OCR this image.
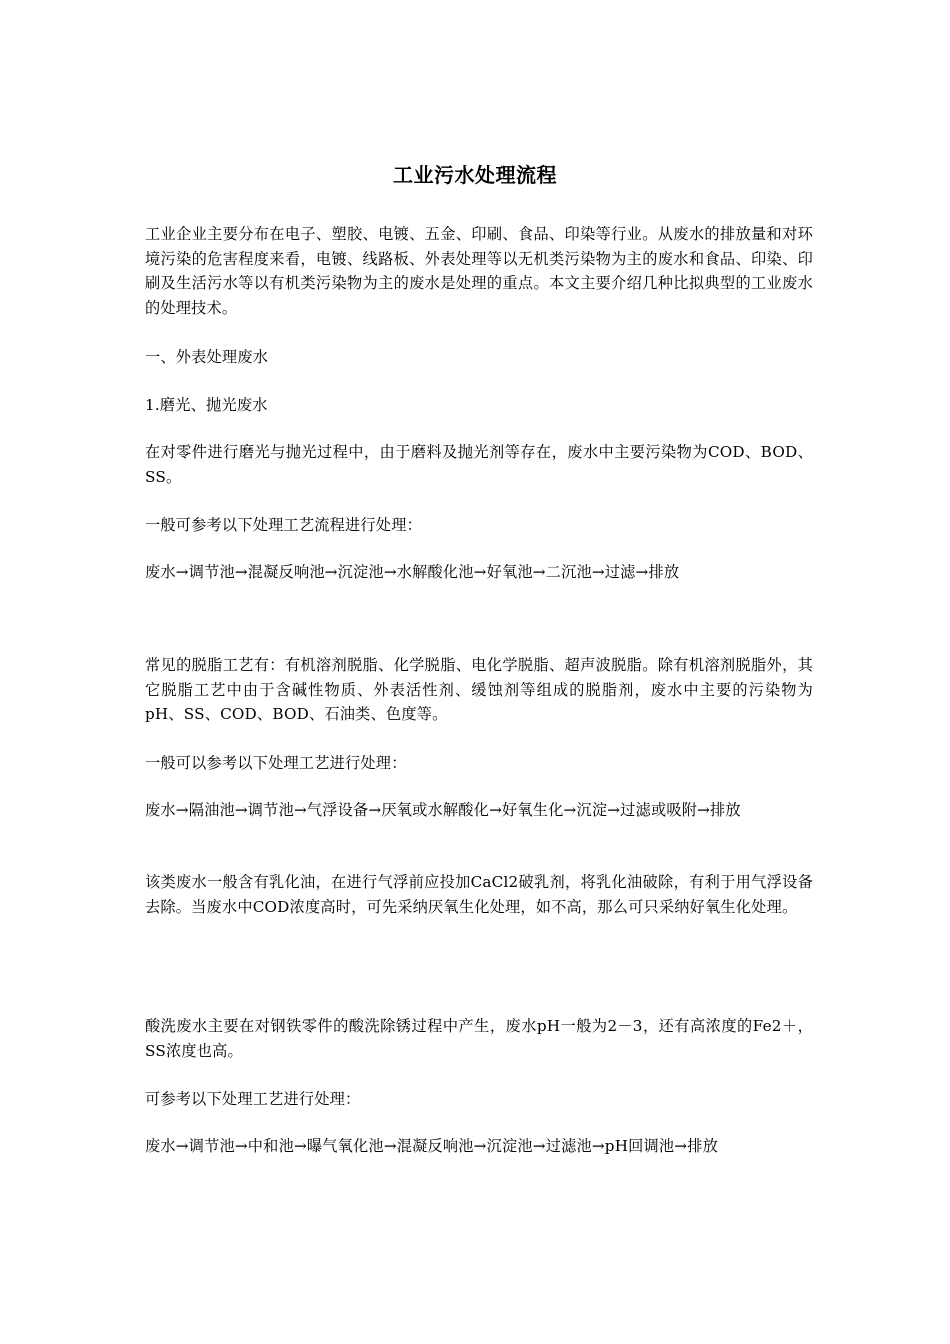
工业污水处理流程
工业企业主要分布在电子、塑胶、电镀、五金、印刷、食品、印染等行业。从废水的排放量和对环境污染的危害程度来看，电镀、线路板、外表处理等以无机类污染物为主的废水和食品、印染、印刷及生活污水等以有机类污染物为主的废水是处理的重点。本文主要介绍几种比拟典型的工业废水的处理技术。
一、外表处理废水
1.磨光、抛光废水
在对零件进行磨光与抛光过程中，由于磨料及抛光剂等存在，废水中主要污染物为COD、BOD、SS。
一般可参考以下处理工艺流程进行处理：
废水→调节池→混凝反响池→沉淀池→水解酸化池→好氧池→二沉池→过滤→排放
常见的脱脂工艺有：有机溶剂脱脂、化学脱脂、电化学脱脂、超声波脱脂。除有机溶剂脱脂外，其它脱脂工艺中由于含碱性物质、外表活性剂、缓蚀剂等组成的脱脂剂，废水中主要的污染物为pH、SS、COD、BOD、石油类、色度等。
一般可以参考以下处理工艺进行处理：
废水→隔油池→调节池→气浮设备→厌氧或水解酸化→好氧生化→沉淀→过滤或吸附→排放
该类废水一般含有乳化油，在进行气浮前应投加CaCl2破乳剂，将乳化油破除，有利于用气浮设备去除。当废水中COD浓度高时，可先采纳厌氧生化处理，如不高，那么可只采纳好氧生化处理。
酸洗废水主要在对钢铁零件的酸洗除锈过程中产生，废水pH一般为2－3，还有高浓度的Fe2＋，SS浓度也高。
可参考以下处理工艺进行处理：
废水→调节池→中和池→曝气氧化池→混凝反响池→沉淀池→过滤池→pH回调池→排放
